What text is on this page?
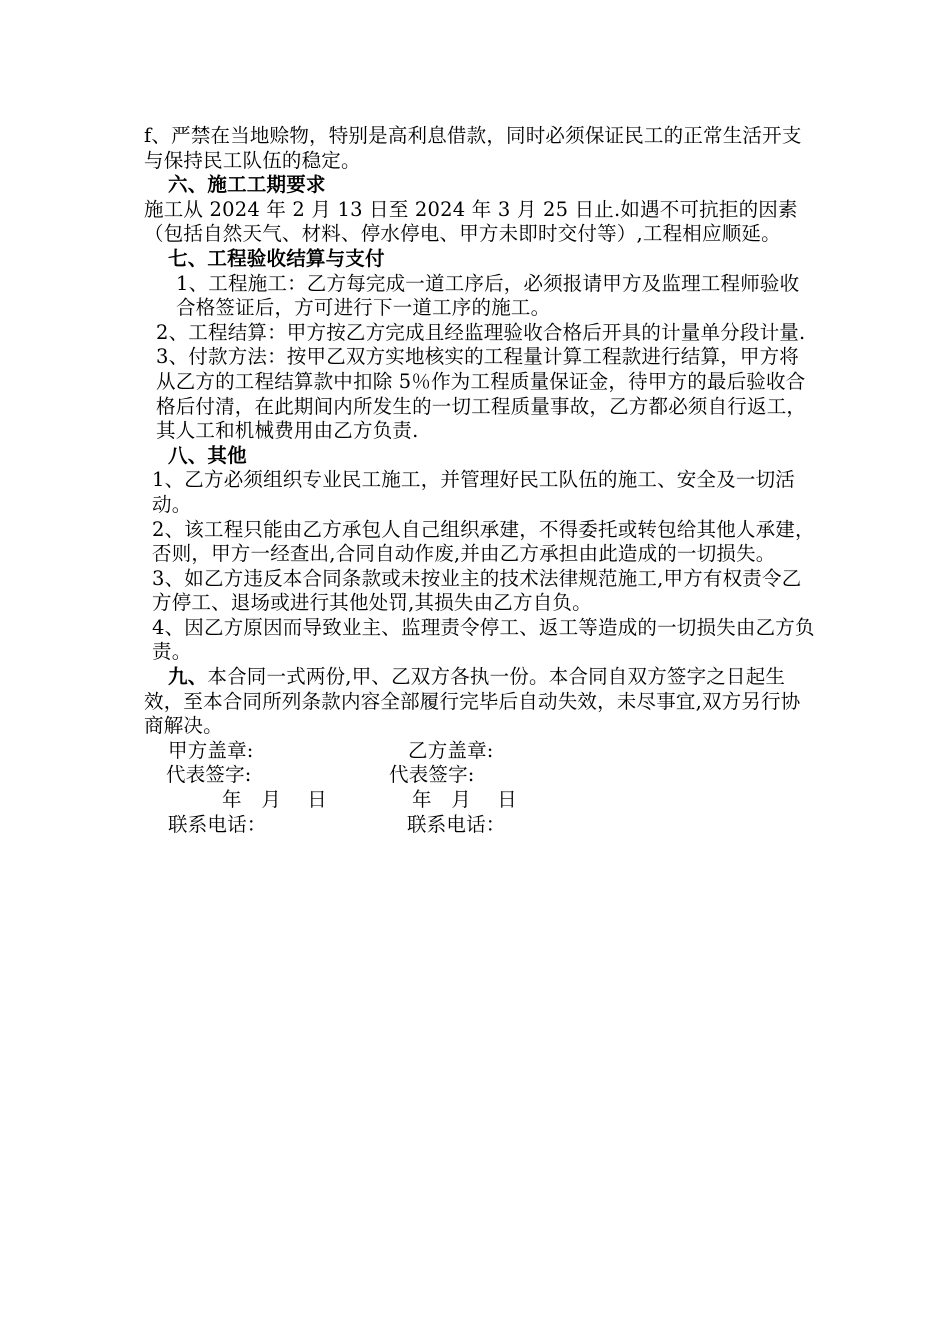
f、严禁在当地赊物，特别是高利息借款，同时必须保证民工的正常生活开支与保持民工队伍的稳定。

六、施工工期要求

施工从 2024 年 2 月 13 日至 2024 年 3 月 25 日止.如遇不可抗拒的因素（包括自然天气、材料、停水停电、甲方未即时交付等）,工程相应顺延。

七、工程验收结算与支付

1、工程施工：乙方每完成一道工序后，必须报请甲方及监理工程师验收合格签证后，方可进行下一道工序的施工。

2、工程结算：甲方按乙方完成且经监理验收合格后开具的计量单分段计量.

3、付款方法：按甲乙双方实地核实的工程量计算工程款进行结算，甲方将从乙方的工程结算款中扣除 5％作为工程质量保证金，待甲方的最后验收合格后付清，在此期间内所发生的一切工程质量事故，乙方都必须自行返工，其人工和机械费用由乙方负责.

八、其他

1、乙方必须组织专业民工施工，并管理好民工队伍的施工、安全及一切活动。

2、该工程只能由乙方承包人自己组织承建，不得委托或转包给其他人承建，否则，甲方一经查出,合同自动作废,并由乙方承担由此造成的一切损失。

3、如乙方违反本合同条款或未按业主的技术法律规范施工,甲方有权责令乙方停工、退场或进行其他处罚,其损失由乙方自负。

4、因乙方原因而导致业主、监理责令停工、返工等造成的一切损失由乙方负责。

九、本合同一式两份,甲、乙双方各执一份。本合同自双方签字之日起生效，至本合同所列条款内容全部履行完毕后自动失效，未尽事宜,双方另行协商解决。

甲方盖章:	乙方盖章:
代表签字:	代表签字:
年　月　 日	年　月　 日
联系电话：	联系电话：
